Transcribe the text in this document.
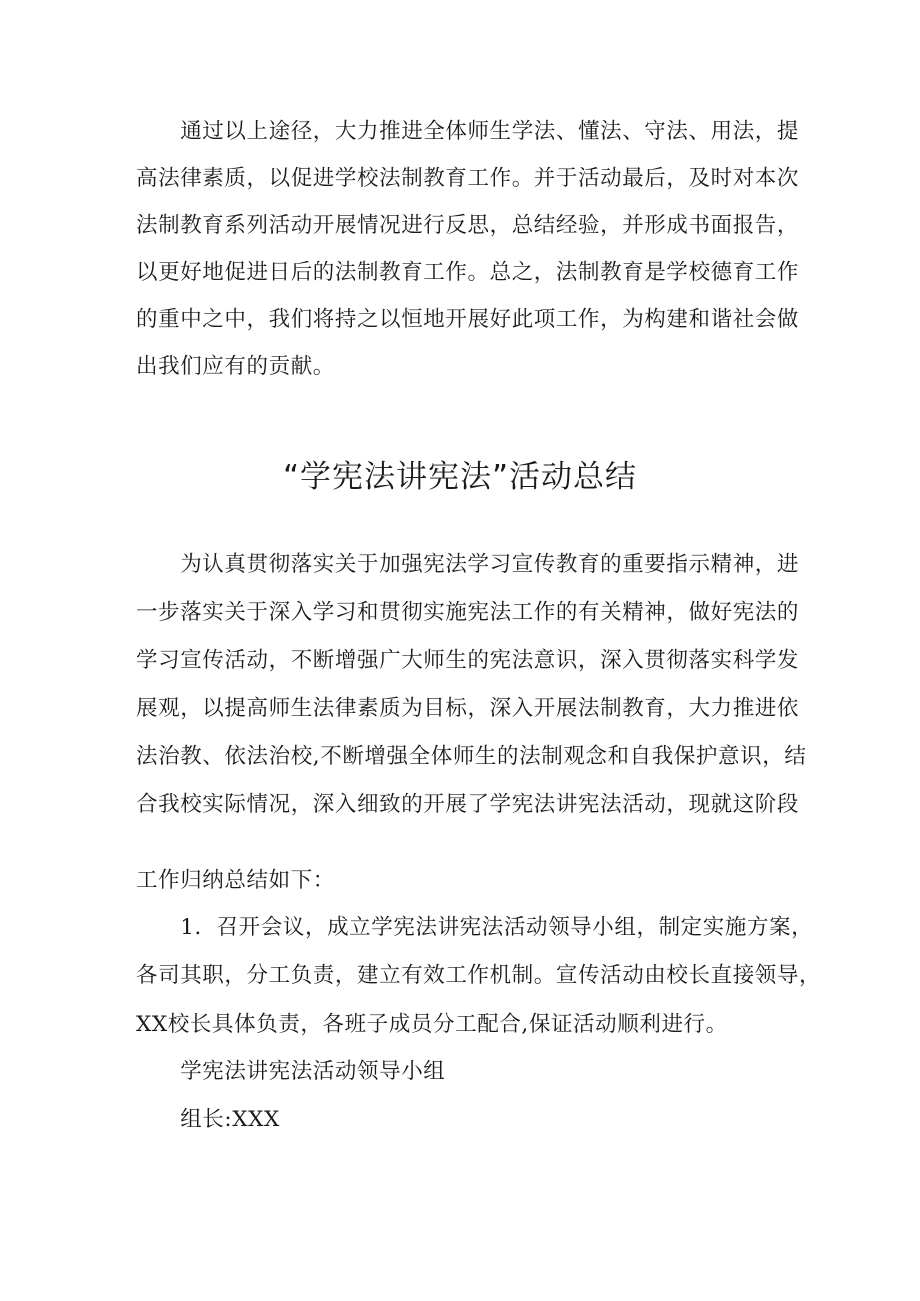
　　通过以上途径，大力推进全体师生学法、懂法、守法、用法，提
高法律素质，以促进学校法制教育工作。并于活动最后，及时对本次
法制教育系列活动开展情况进行反思，总结经验，并形成书面报告，
以更好地促进日后的法制教育工作。总之，法制教育是学校德育工作
的重中之中，我们将持之以恒地开展好此项工作，为构建和谐社会做
出我们应有的贡献。
“学宪法讲宪法”活动总结
　　为认真贯彻落实关于加强宪法学习宣传教育的重要指示精神，进
一步落实关于深入学习和贯彻实施宪法工作的有关精神，做好宪法的
学习宣传活动，不断增强广大师生的宪法意识，深入贯彻落实科学发
展观，以提高师生法律素质为目标，深入开展法制教育，大力推进依
法治教、依法治校,不断增强全体师生的法制观念和自我保护意识，结
合我校实际情况，深入细致的开展了学宪法讲宪法活动，现就这阶段
工作归纳总结如下：
　　1．召开会议，成立学宪法讲宪法活动领导小组，制定实施方案，
各司其职，分工负责，建立有效工作机制。宣传活动由校长直接领导，
XX校长具体负责，各班子成员分工配合,保证活动顺利进行。
　　学宪法讲宪法活动领导小组
　　组长:XXX
